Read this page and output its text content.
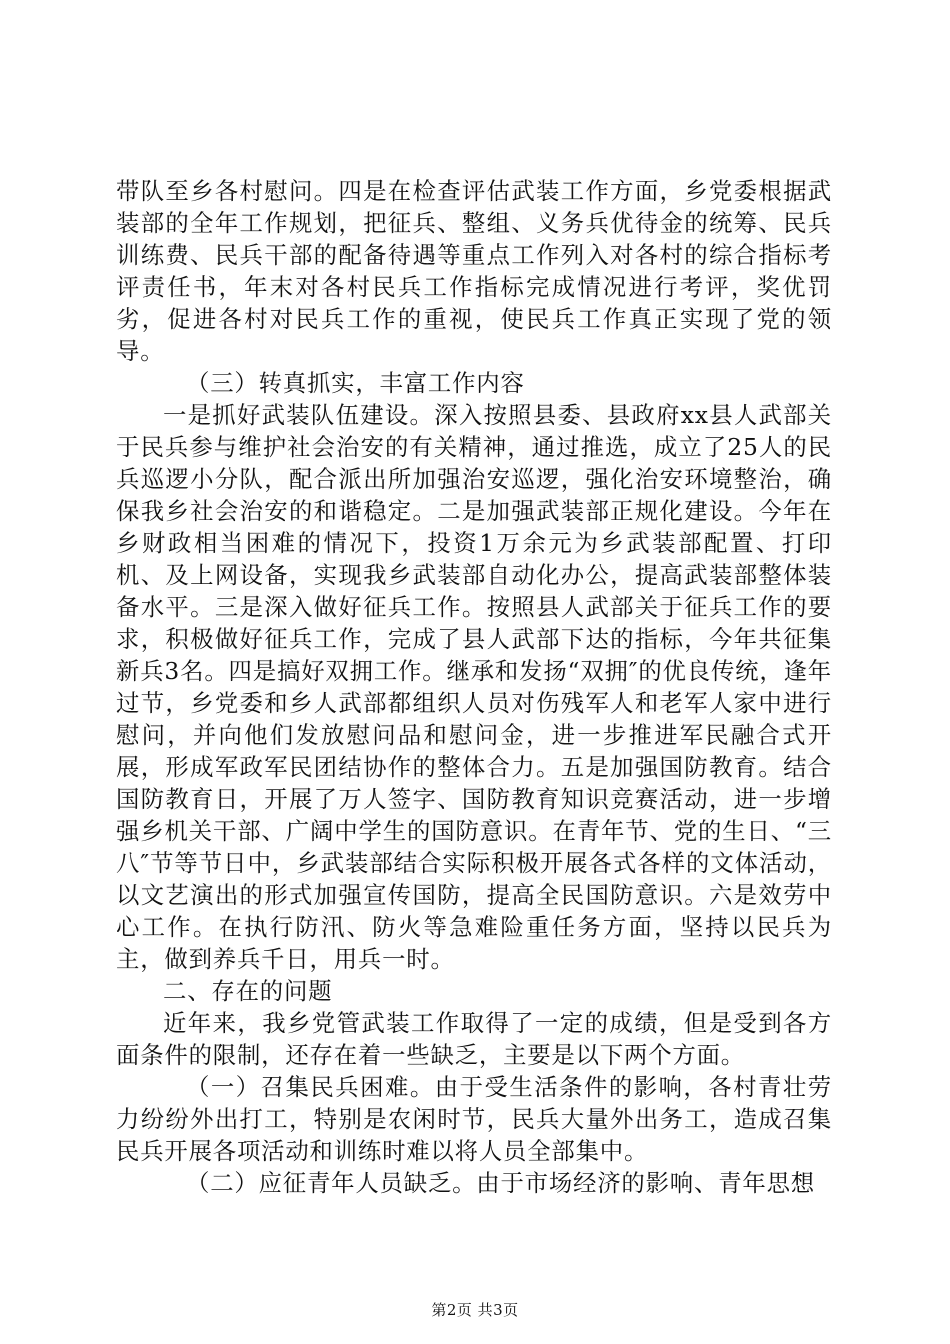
带队至乡各村慰问。四是在检查评估武装工作方面，乡党委根据武装部的全年工作规划，把征兵、整组、义务兵优待金的统筹、民兵训练费、民兵干部的配备待遇等重点工作列入对各村的综合指标考评责任书，年末对各村民兵工作指标完成情况进行考评，奖优罚劣，促进各村对民兵工作的重视，使民兵工作真正实现了党的领导。

（三）转真抓实，丰富工作内容

一是抓好武装队伍建设。深入按照县委、县政府xx县人武部关于民兵参与维护社会治安的有关精神，通过推选，成立了25人的民兵巡逻小分队，配合派出所加强治安巡逻，强化治安环境整治，确保我乡社会治安的和谐稳定。二是加强武装部正规化建设。今年在乡财政相当困难的情况下，投资1万余元为乡武装部配置、打印机、及上网设备，实现我乡武装部自动化办公，提高武装部整体装备水平。三是深入做好征兵工作。按照县人武部关于征兵工作的要求，积极做好征兵工作，完成了县人武部下达的指标，今年共征集新兵3名。四是搞好双拥工作。继承和发扬“双拥″的优良传统，逢年过节，乡党委和乡人武部都组织人员对伤残军人和老军人家中进行慰问，并向他们发放慰问品和慰问金，进一步推进军民融合式开展，形成军政军民团结协作的整体合力。五是加强国防教育。结合国防教育日，开展了万人签字、国防教育知识竞赛活动，进一步增强乡机关干部、广阔中学生的国防意识。在青年节、党的生日、“三八″节等节日中，乡武装部结合实际积极开展各式各样的文体活动，以文艺演出的形式加强宣传国防，提高全民国防意识。六是效劳中心工作。在执行防汛、防火等急难险重任务方面，坚持以民兵为主，做到养兵千日，用兵一时。

二、存在的问题

近年来，我乡党管武装工作取得了一定的成绩，但是受到各方面条件的限制，还存在着一些缺乏，主要是以下两个方面。

（一）召集民兵困难。由于受生活条件的影响，各村青壮劳力纷纷外出打工，特别是农闲时节，民兵大量外出务工，造成召集民兵开展各项活动和训练时难以将人员全部集中。

（二）应征青年人员缺乏。由于市场经济的影响、青年思想

第2页 共3页
